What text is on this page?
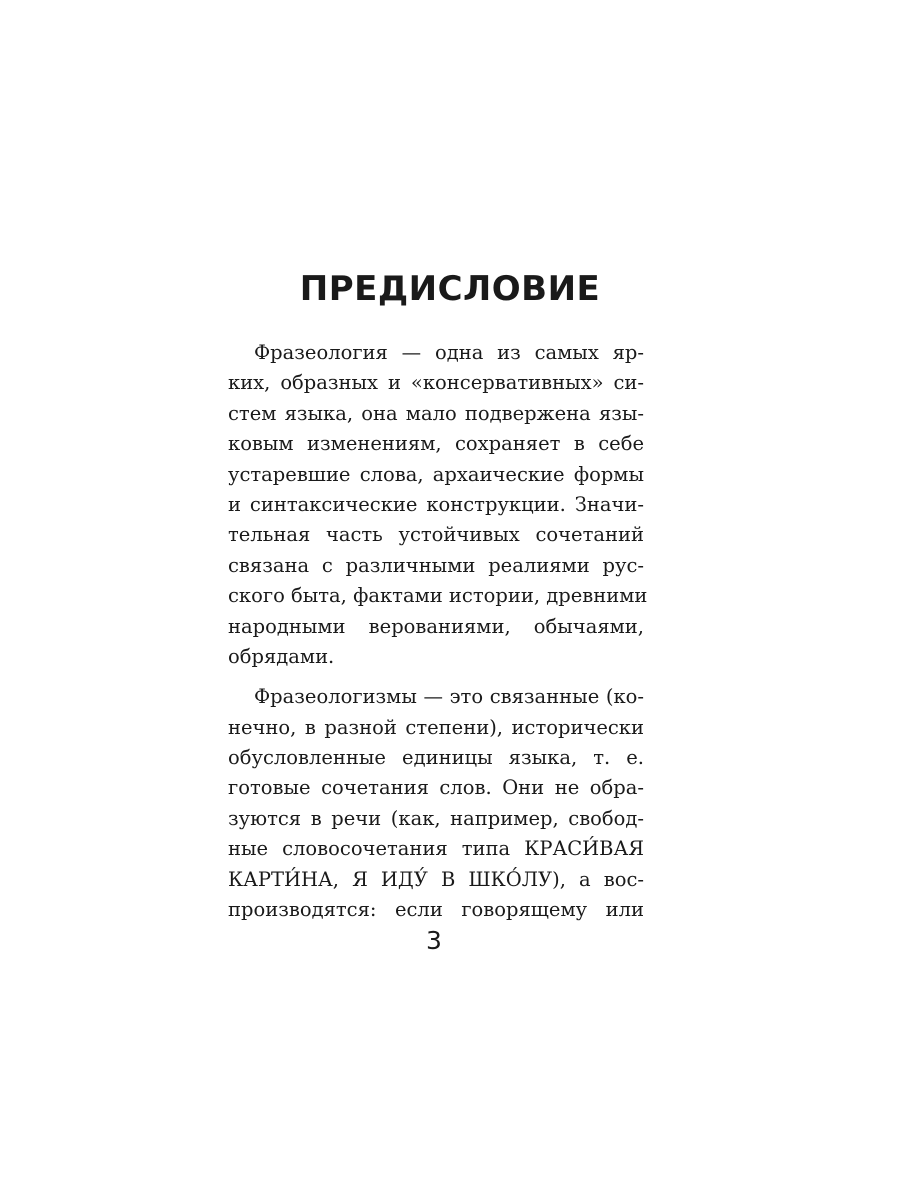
ПРЕДИСЛОВИЕ
Фразеология — одна из самых яр-
ких, образных и «консервативных» си-
стем языка, она мало подвержена язы-
ковым изменениям, сохраняет в себе
устаревшие слова, архаические формы
и синтаксические конструкции. Значи-
тельная часть устойчивых сочетаний
связана с различными реалиями рус-
ского быта, фактами истории, древними
народными верованиями, обычаями,
обрядами.
Фразеологизмы — это связанные (ко-
нечно, в разной степени), исторически
обусловленные единицы языка, т. е.
готовые сочетания слов. Они не обра-
зуются в речи (как, например, свобод-
ные словосочетания типа КРАСИ́ВАЯ
КАРТИ́НА, Я ИДУ́ В ШКО́ЛУ), а вос-
производятся: если говорящему или
3
